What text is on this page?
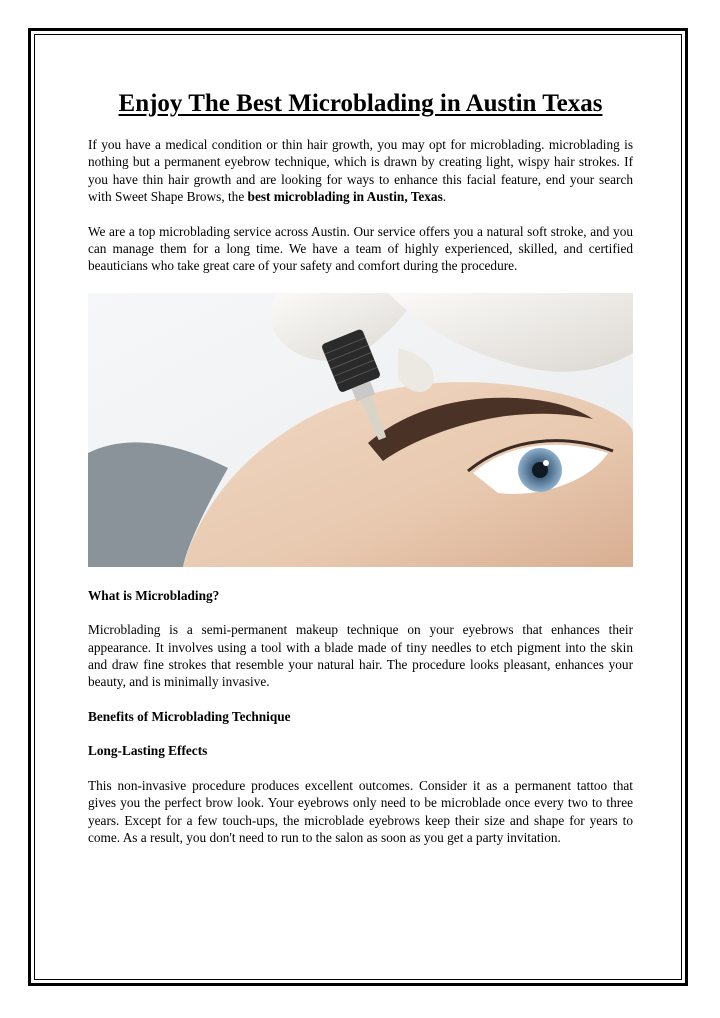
Enjoy The Best Microblading in Austin Texas

If you have a medical condition or thin hair growth, you may opt for microblading. microblading is nothing but a permanent eyebrow technique, which is drawn by creating light, wispy hair strokes. If you have thin hair growth and are looking for ways to enhance this facial feature, end your search with Sweet Shape Brows, the best microblading in Austin, Texas.

We are a top microblading service across Austin. Our service offers you a natural soft stroke, and you can manage them for a long time. We have a team of highly experienced, skilled, and certified beauticians who take great care of your safety and comfort during the procedure.

What is Microblading?

Microblading is a semi-permanent makeup technique on your eyebrows that enhances their appearance. It involves using a tool with a blade made of tiny needles to etch pigment into the skin and draw fine strokes that resemble your natural hair. The procedure looks pleasant, enhances your beauty, and is minimally invasive.

Benefits of Microblading Technique

Long-Lasting Effects

This non-invasive procedure produces excellent outcomes. Consider it as a permanent tattoo that gives you the perfect brow look. Your eyebrows only need to be microblade once every two to three years. Except for a few touch-ups, the microblade eyebrows keep their size and shape for years to come. As a result, you don't need to run to the salon as soon as you get a party invitation.
